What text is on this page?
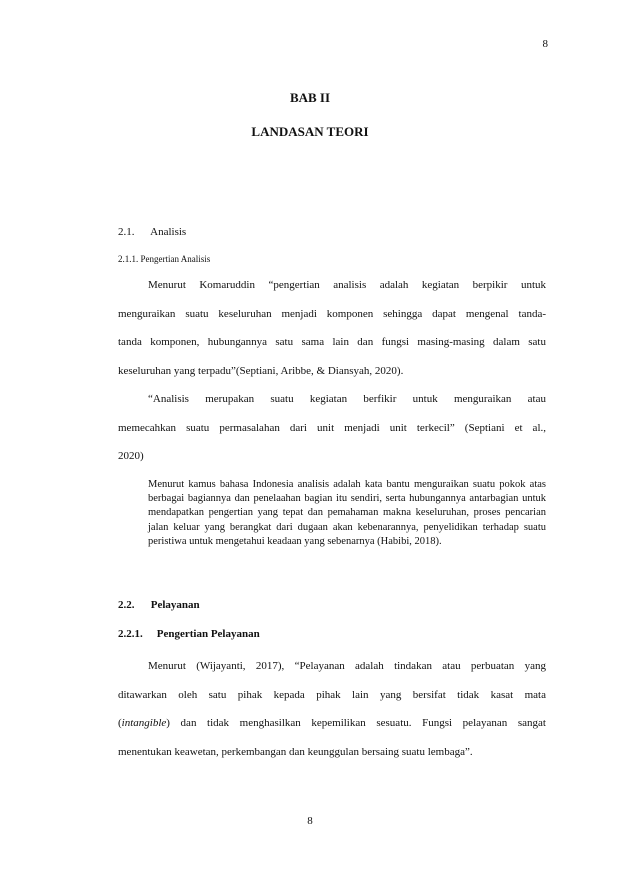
8
BAB II
LANDASAN TEORI
2.1. Analisis
2.1.1. Pengertian Analisis
Menurut Komaruddin “pengertian analisis adalah kegiatan berpikir untuk
menguraikan suatu keseluruhan menjadi komponen sehingga dapat mengenal tanda-
tanda komponen, hubungannya satu sama lain dan fungsi masing-masing dalam satu
keseluruhan yang terpadu”(Septiani, Aribbe, & Diansyah, 2020).
“Analisis merupakan suatu kegiatan berfikir untuk menguraikan atau
memecahkan suatu permasalahan dari unit menjadi unit terkecil” (Septiani et al.,
2020)
Menurut kamus bahasa Indonesia analisis adalah kata bantu menguraikan suatu pokok atas berbagai bagiannya dan penelaahan bagian itu sendiri, serta hubungannya antarbagian untuk mendapatkan pengertian yang tepat dan pemahaman makna keseluruhan, proses pencarian jalan keluar yang berangkat dari dugaan akan kebenarannya, penyelidikan terhadap suatu peristiwa untuk mengetahui keadaan yang sebenarnya (Habibi, 2018).
2.2. Pelayanan
2.2.1. Pengertian Pelayanan
Menurut (Wijayanti, 2017), “Pelayanan adalah tindakan atau perbuatan yang
ditawarkan oleh satu pihak kepada pihak lain yang bersifat tidak kasat mata
(intangible) dan tidak menghasilkan kepemilikan sesuatu. Fungsi pelayanan sangat
menentukan keawetan, perkembangan dan keunggulan bersaing suatu lembaga”.
8
